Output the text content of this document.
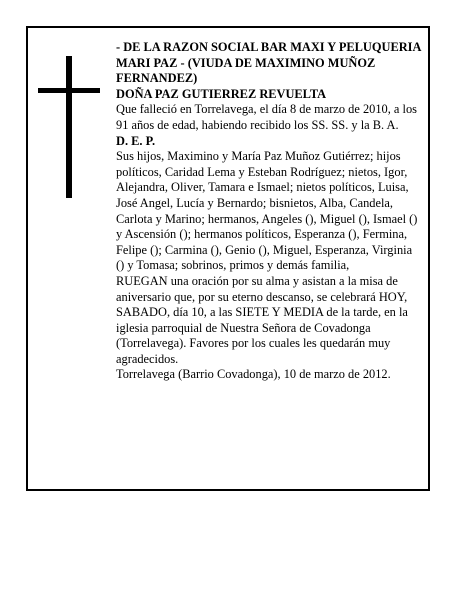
- DE LA RAZON SOCIAL BAR MAXI Y PELUQUERIA MARI PAZ - (VIUDA DE MAXIMINO MUÑOZ FERNANDEZ)

DOÑA PAZ GUTIERREZ REVUELTA

Que falleció en Torrelavega, el día 8 de marzo de 2010, a los 91 años de edad, habiendo recibido los SS. SS. y la B. A.

D. E. P.

Sus hijos, Maximino y María Paz Muñoz Gutiérrez; hijos políticos, Caridad Lema y Esteban Rodríguez; nietos, Igor, Alejandra, Oliver, Tamara e Ismael; nietos políticos, Luisa, José Angel, Lucía y Bernardo; bisnietos, Alba, Candela, Carlota y Marino; hermanos, Angeles (), Miguel (), Ismael () y Ascensión (); hermanos políticos, Esperanza (), Fermina, Felipe (); Carmina (), Genio (), Miguel, Esperanza, Virginia () y Tomasa; sobrinos, primos y demás familia,

RUEGAN una oración por su alma y asistan a la misa de aniversario que, por su eterno descanso, se celebrará HOY, SABADO, día 10, a las SIETE Y MEDIA de la tarde, en la iglesia parroquial de Nuestra Señora de Covadonga (Torrelavega). Favores por los cuales les quedarán muy agradecidos.

Torrelavega (Barrio Covadonga), 10 de marzo de 2012.
